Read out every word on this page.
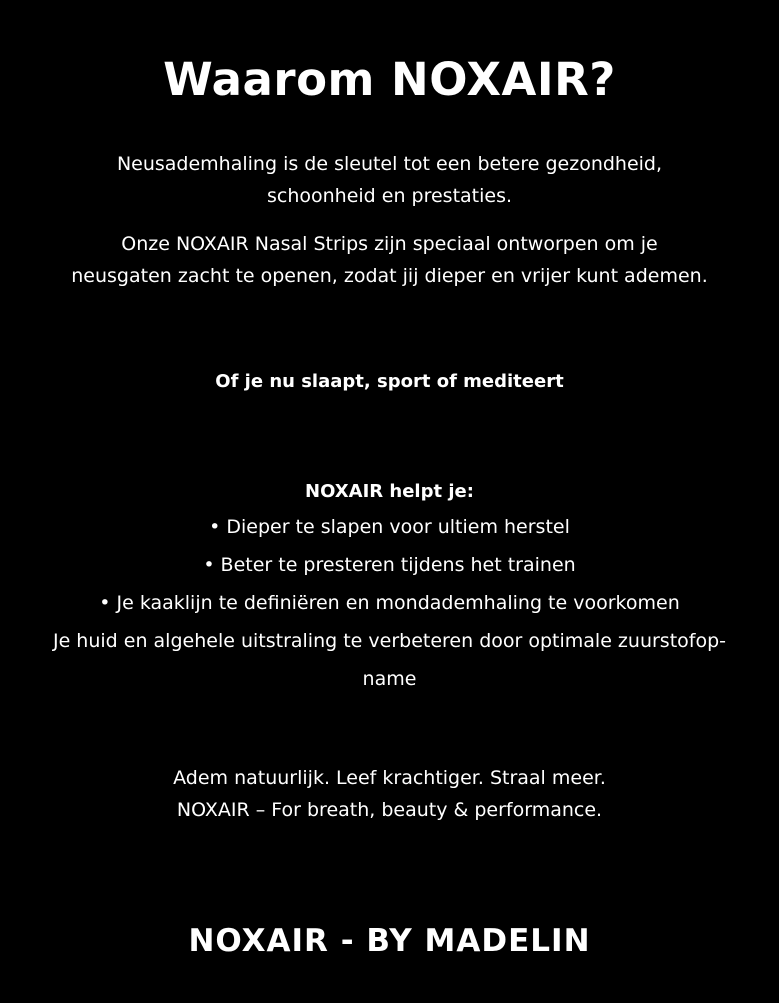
Waarom NOXAIR?

Neusademhaling is de sleutel tot een betere gezondheid,
schoonheid en prestaties.

Onze NOXAIR Nasal Strips zijn speciaal ontworpen om je
neusgaten zacht te openen, zodat jij dieper en vrijer kunt ademen.

Of je nu slaapt, sport of mediteert

NOXAIR helpt je:

• Dieper te slapen voor ultiem herstel
• Beter te presteren tijdens het trainen
• Je kaaklijn te definiëren en mondademhaling te voorkomen
Je huid en algehele uitstraling te verbeteren door optimale zuurstofop-
name

Adem natuurlijk. Leef krachtiger. Straal meer.
NOXAIR – For breath, beauty & performance.

NOXAIR - BY MADELIN
